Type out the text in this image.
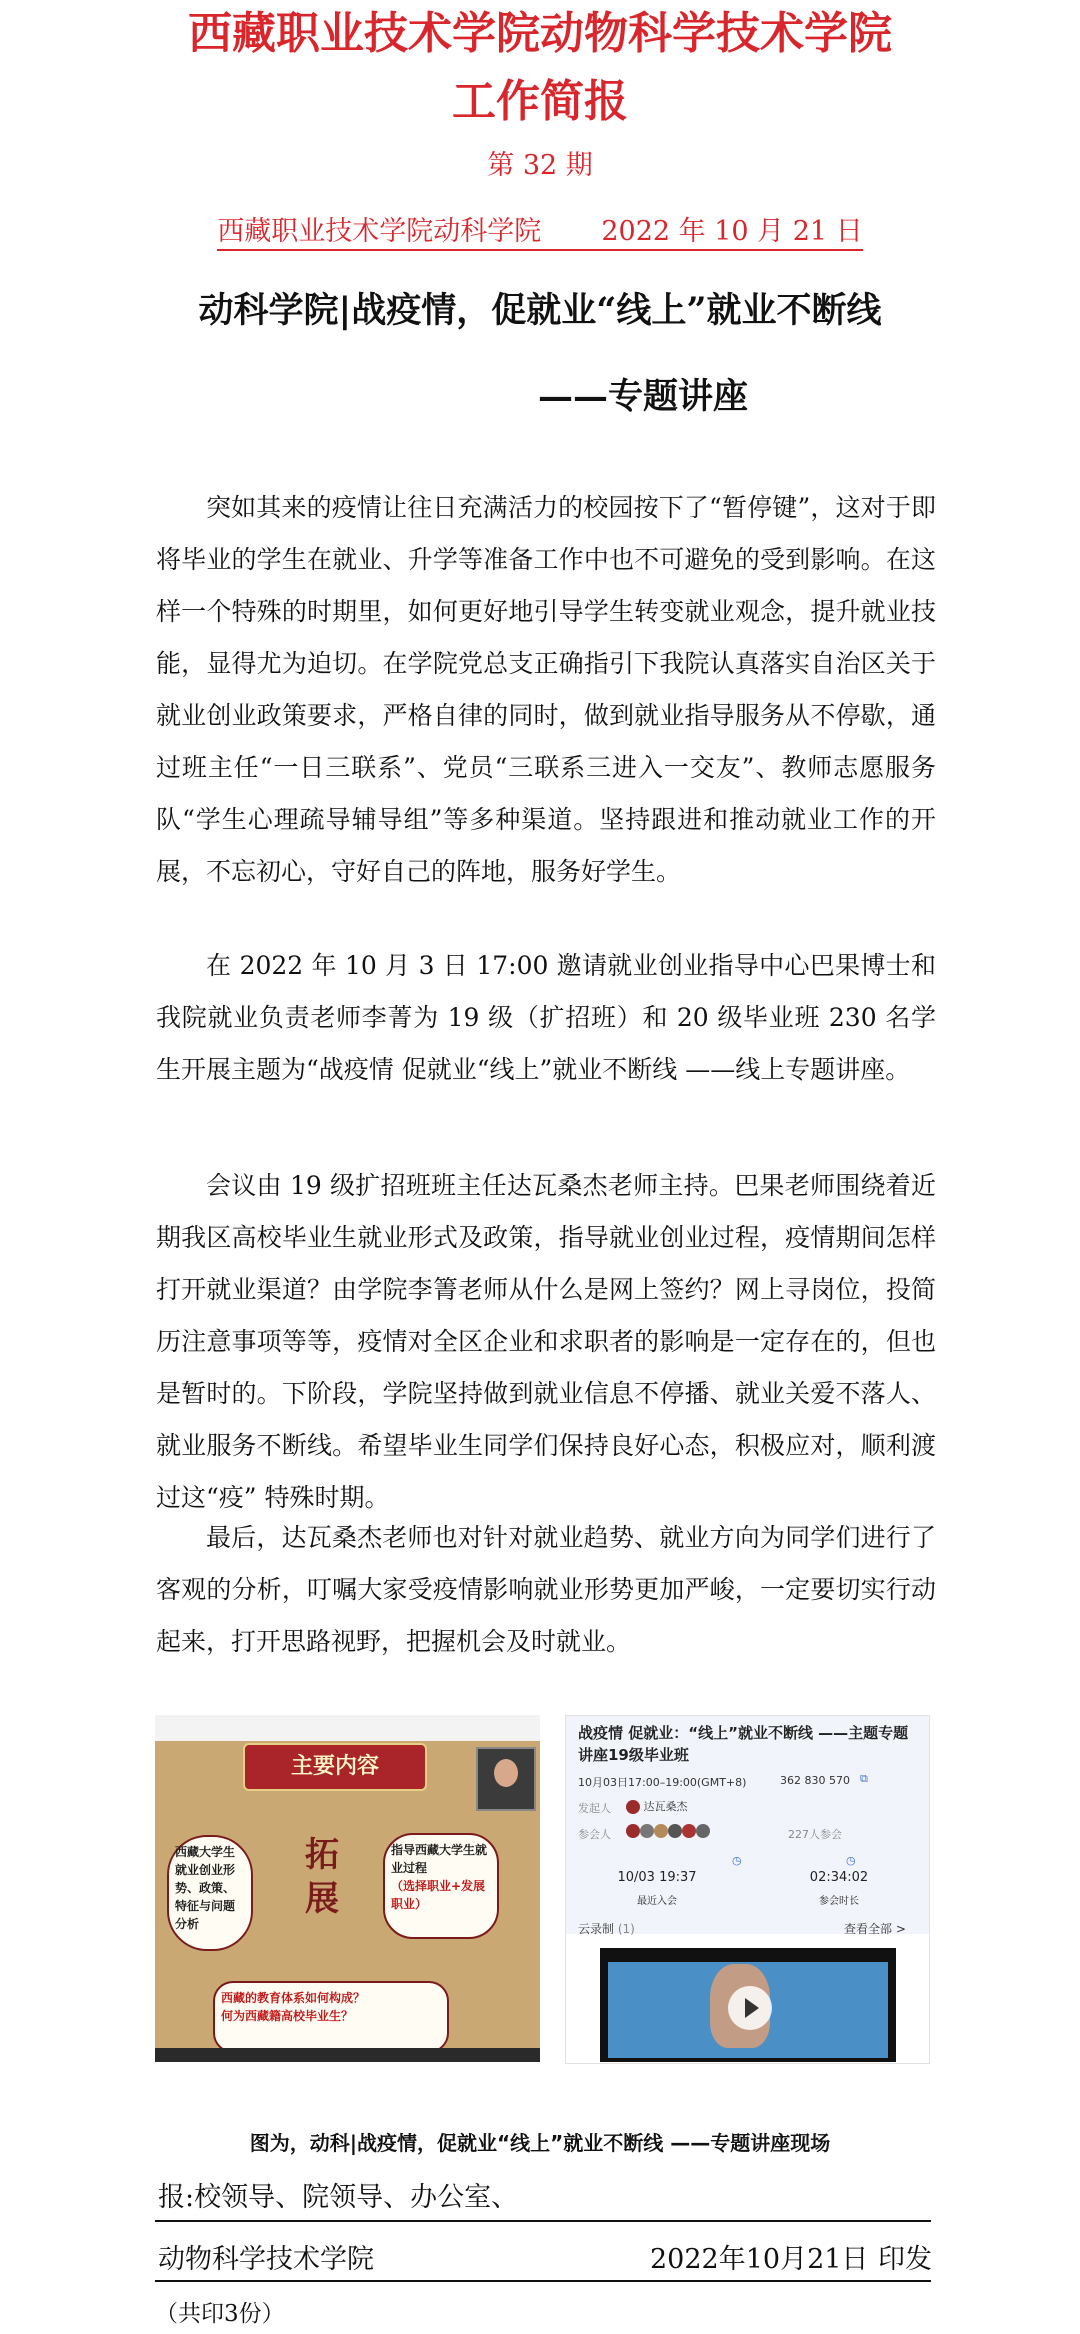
西藏职业技术学院动物科学技术学院
工作简报
第 32 期
西藏职业技术学院动科学院 2022 年 10 月 21 日
动科学院|战疫情，促就业“线上”就业不断线
——专题讲座

突如其来的疫情让往日充满活力的校园按下了“暂停键”，这对于即将毕业的学生在就业、升学等准备工作中也不可避免的受到影响。在这样一个特殊的时期里，如何更好地引导学生转变就业观念，提升就业技能，显得尤为迫切。在学院党总支正确指引下我院认真落实自治区关于就业创业政策要求，严格自律的同时，做到就业指导服务从不停歇，通过班主任“一日三联系”、党员“三联系三进入一交友”、教师志愿服务队“学生心理疏导辅导组”等多种渠道。坚持跟进和推动就业工作的开展，不忘初心，守好自己的阵地，服务好学生。

在 2022 年 10 月 3 日 17:00 邀请就业创业指导中心巴果博士和我院就业负责老师李菁为 19 级（扩招班）和 20 级毕业班 230 名学生开展主题为“战疫情 促就业“线上”就业不断线 ——线上专题讲座。

会议由 19 级扩招班班主任达瓦桑杰老师主持。巴果老师围绕着近期我区高校毕业生就业形式及政策，指导就业创业过程，疫情期间怎样打开就业渠道？由学院李箐老师从什么是网上签约？网上寻岗位，投简历注意事项等等，疫情对全区企业和求职者的影响是一定存在的，但也是暂时的。下阶段，学院坚持做到就业信息不停播、就业关爱不落人、就业服务不断线。希望毕业生同学们保持良好心态，积极应对，顺利渡过这“疫” 特殊时期。

最后，达瓦桑杰老师也对针对就业趋势、就业方向为同学们进行了客观的分析，叮嘱大家受疫情影响就业形势更加严峻，一定要切实行动起来，打开思路视野，把握机会及时就业。

主要内容
西藏大学生就业创业形势、政策、特征与问题分析
拓展
指导西藏大学生就业过程
（选择职业+发展职业）
西藏的教育体系如何构成？
何为西藏籍高校毕业生？
战疫情 促就业：“线上”就业不断线 ——主题专题讲座19级毕业班
10月03日17:00–19:00(GMT+8)	362 830 570 ⧉
发起人	达瓦桑杰
参会人	227人参会
◷	◷
10/03 19:37	02:34:02
最近入会	参会时长
云录制 (1)	查看全部 >
图为，动科|战疫情，促就业“线上”就业不断线 ——专题讲座现场
报:校领导、院领导、办公室、
动物科学技术学院	2022年10月21日 印发
（共印3份）
